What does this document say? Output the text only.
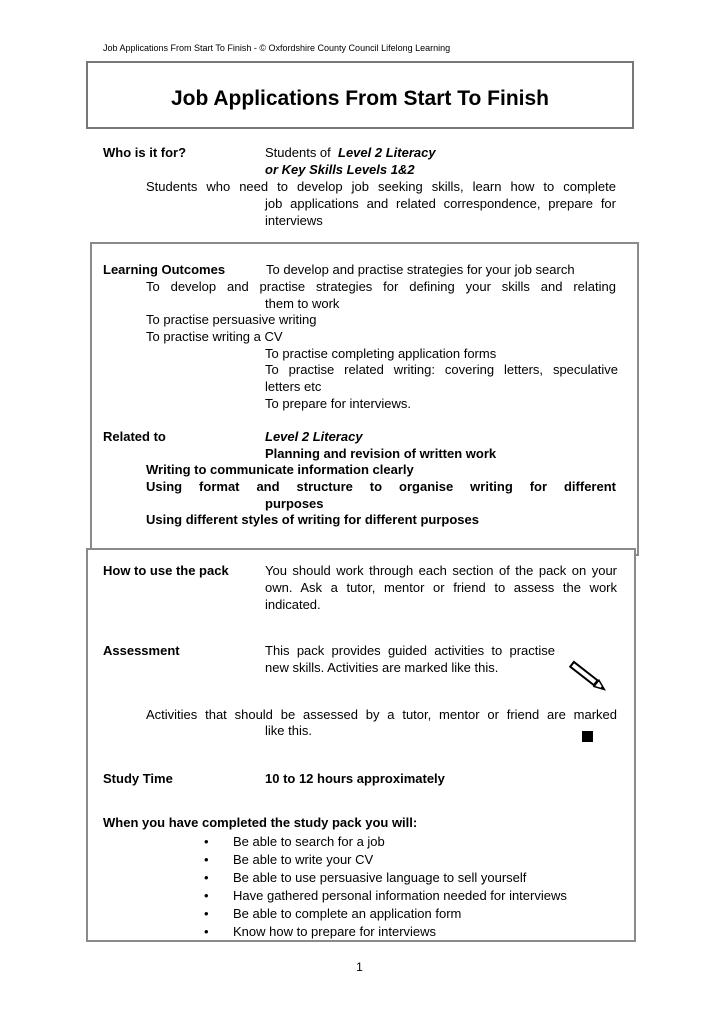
Job Applications From Start To Finish - © Oxfordshire County Council Lifelong Learning
Job Applications From Start To Finish
Who is it for?	Students of Level 2 Literacy
or Key Skills Levels 1&2
Students who need to develop job seeking skills, learn how to complete
job applications and related correspondence, prepare for interviews
Learning Outcomes	To develop and practise strategies for your job search
To develop and practise strategies for defining your skills and relating
them to work
To practise persuasive writing
To practise writing a CV
To practise completing application forms
To practise related writing: covering letters, speculative letters etc
To prepare for interviews.
Related to	Level 2 Literacy
Planning and revision of written work
Writing to communicate information clearly
Using format and structure to organise writing for different
purposes
Using different styles of writing for different purposes
How to use the pack	You should work through each section of the pack on your own. Ask a tutor, mentor or friend to assess the work indicated.
Assessment	This pack provides guided activities to practise new skills. Activities are marked like this.
Activities that should be assessed by a tutor, mentor or friend are marked
like this.
Study Time	10 to 12 hours approximately
When you have completed the study pack you will:
• Be able to search for a job
• Be able to write your CV
• Be able to use persuasive language to sell yourself
• Have gathered personal information needed for interviews
• Be able to complete an application form
• Know how to prepare for interviews
1
